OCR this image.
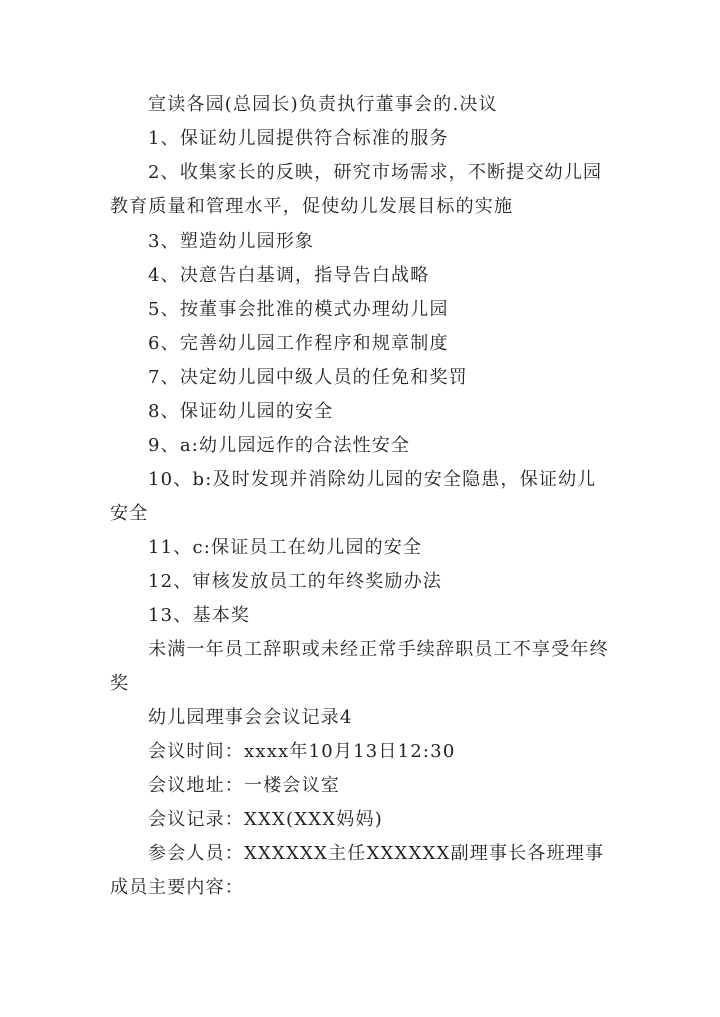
宣读各园(总园长)负责执行董事会的.决议

1、保证幼儿园提供符合标准的服务

2、收集家长的反映，研究市场需求，不断提交幼儿园教育质量和管理水平，促使幼儿发展目标的实施

3、塑造幼儿园形象

4、决意告白基调，指导告白战略

5、按董事会批准的模式办理幼儿园

6、完善幼儿园工作程序和规章制度

7、决定幼儿园中级人员的任免和奖罚

8、保证幼儿园的安全

9、a:幼儿园远作的合法性安全

10、b:及时发现并消除幼儿园的安全隐患，保证幼儿安全

11、c:保证员工在幼儿园的安全

12、审核发放员工的年终奖励办法

13、基本奖

未满一年员工辞职或未经正常手续辞职员工不享受年终奖

幼儿园理事会会议记录4

会议时间：xxxx年10月13日12:30

会议地址：一楼会议室

会议记录：XXX(XXX妈妈)

参会人员：XXXXXX主任XXXXXX副理事长各班理事成员 主要内容：
